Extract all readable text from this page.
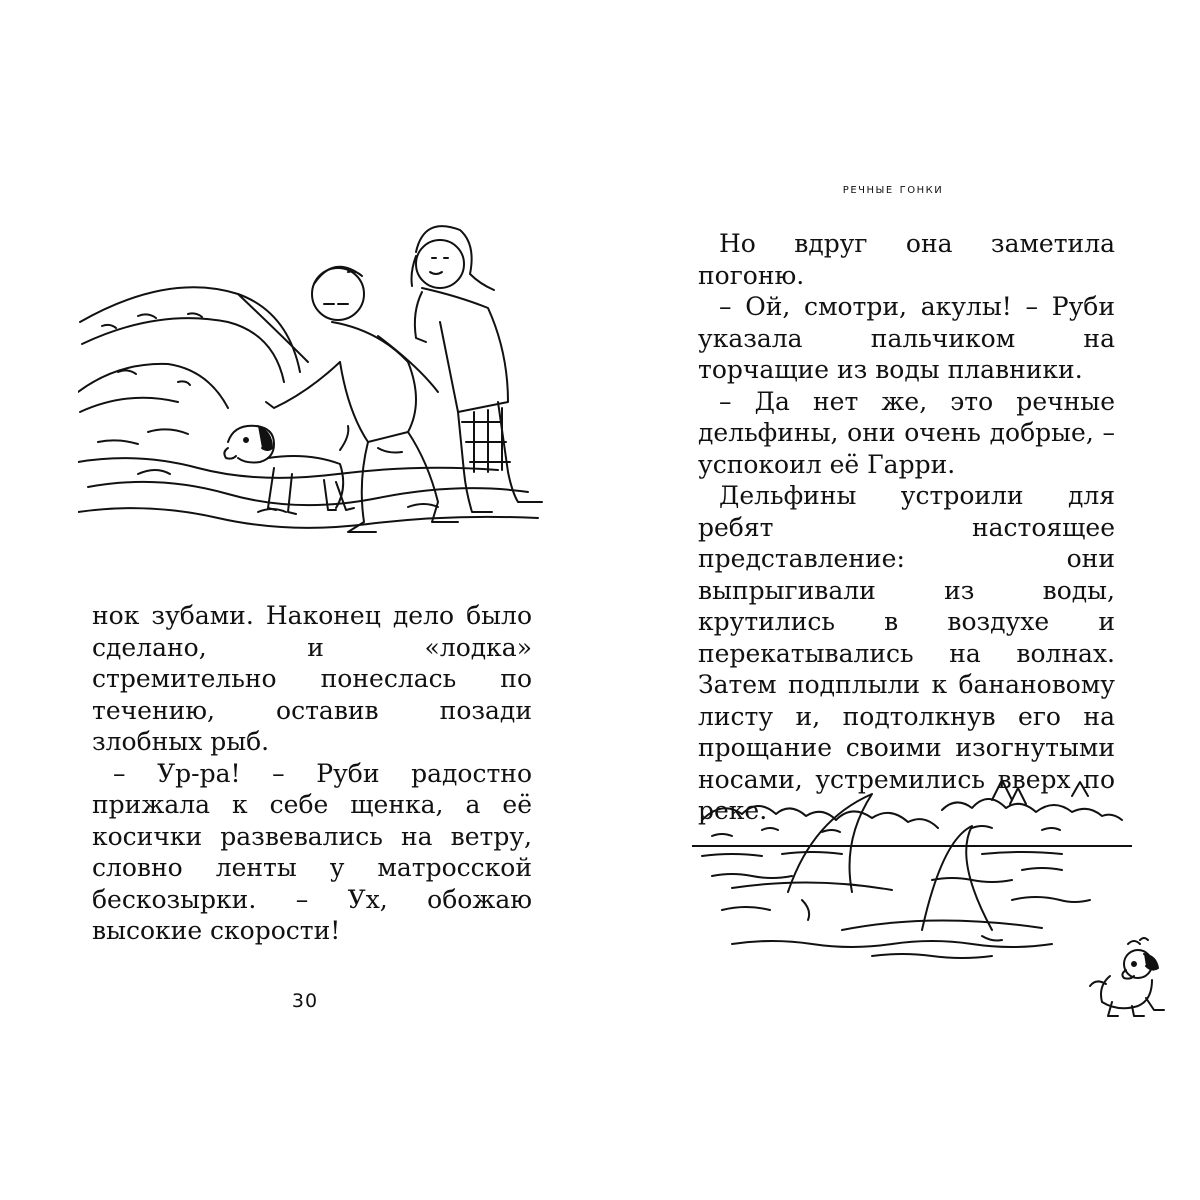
нок зубами. Наконец дело было сделано, и «лодка» стремительно понеслась по течению, оставив позади злобных рыб.

– Ур-ра! – Руби радостно прижала к себе щенка, а её косички развевались на ветру, словно ленты у матросской бескозырки. – Ух, обожаю высокие скорости!

30
речные гонки

Но вдруг она заметила погоню.

– Ой, смотри, акулы! – Руби указала пальчиком на торчащие из воды плавники.

– Да нет же, это речные дельфины, они очень добрые, – успокоил её Гарри.

Дельфины устроили для ребят настоящее представление: они выпрыгивали из воды, крутились в воздухе и перекатывались на волнах. Затем подплыли к банановому листу и, подтолкнув его на прощание своими изогнутыми носами, устремились вверх по реке.
